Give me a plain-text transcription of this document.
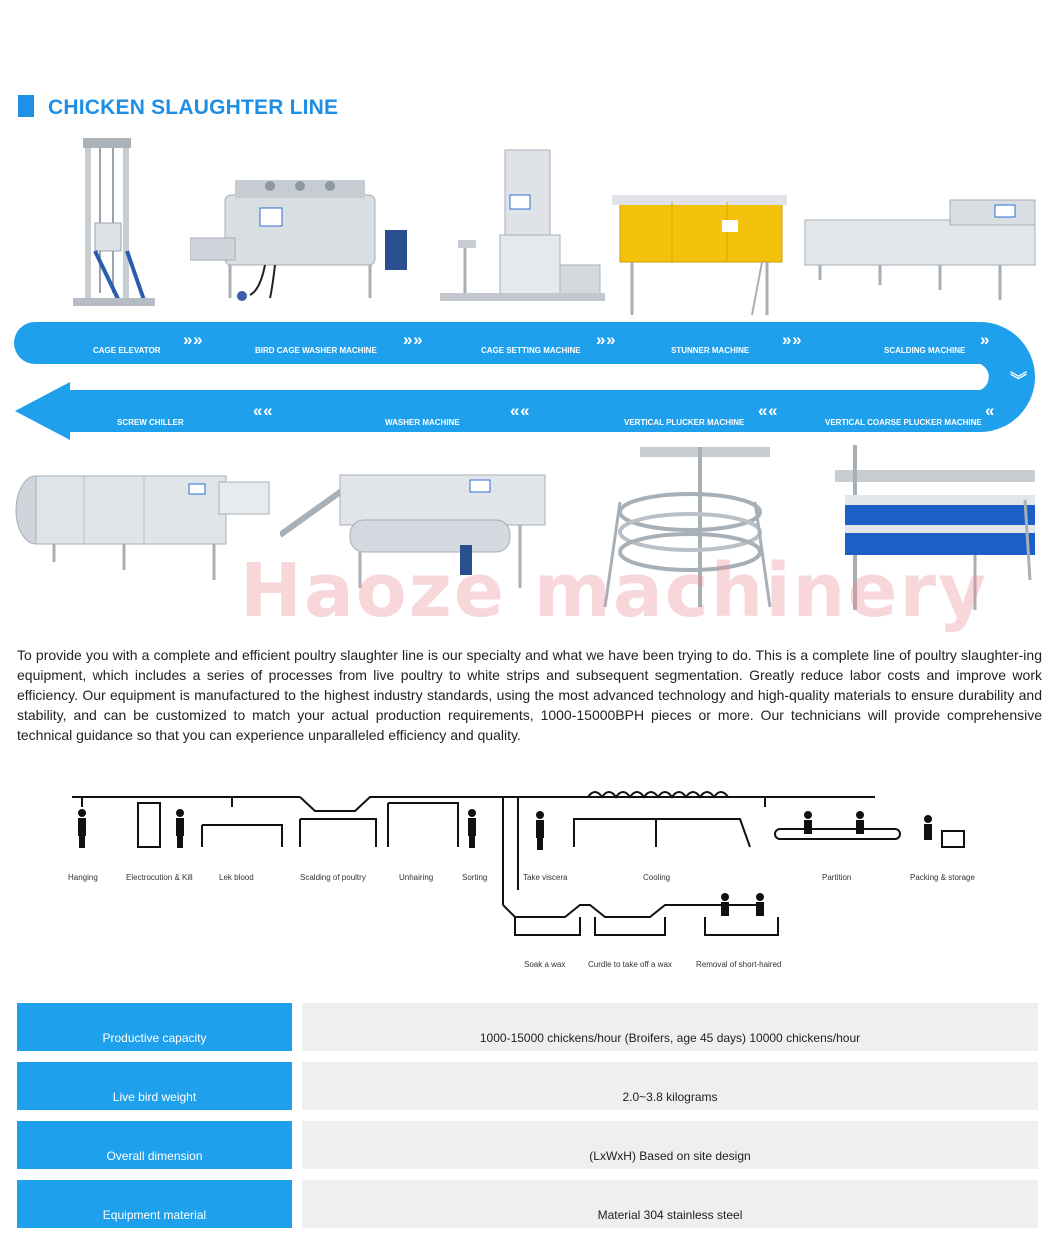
CHICKEN SLAUGHTER LINE
CAGE ELEVATOR	BIRD CAGE WASHER MACHINE	CAGE SETTING MACHINE	STUNNER MACHINE	SCALDING MACHINE
» »	» »	» »	» »	»
︾
SCREW CHILLER	WASHER MACHINE	VERTICAL PLUCKER MACHINE	VERTICAL COARSE PLUCKER MACHINE
« «	« «	« «	«
Haoze machinery
To provide you with a complete and efficient poultry slaughter line is our specialty and what we have been trying to do. This is a complete line of poultry slaughter-ing equipment, which includes a series of processes from live poultry to white strips and subsequent segmentation. Greatly reduce labor costs and improve work efficiency. Our equipment is manufactured to the highest industry standards, using the most advanced technology and high-quality materials to ensure durability and stability, and can be customized to match your actual production requirements, 1000-15000BPH pieces or more. Our technicians will provide comprehensive technical guidance so that you can experience unparalleled efficiency and quality.
Hanging	Electrocution & Kill	Lek blood	Scalding of poultry	Unhairing	Sorting	Take viscera	Cooling	Partition	Packing & storage
Soak a wax	Curdle to take off a wax	Removal of short-haired
Productive capacity	1000-15000 chickens/hour (Broifers, age 45 days) 10000 chickens/hour
Live bird weight	2.0~3.8 kilograms
Overall dimension	(LxWxH) Based on site design
Equipment material	Material 304 stainless steel
